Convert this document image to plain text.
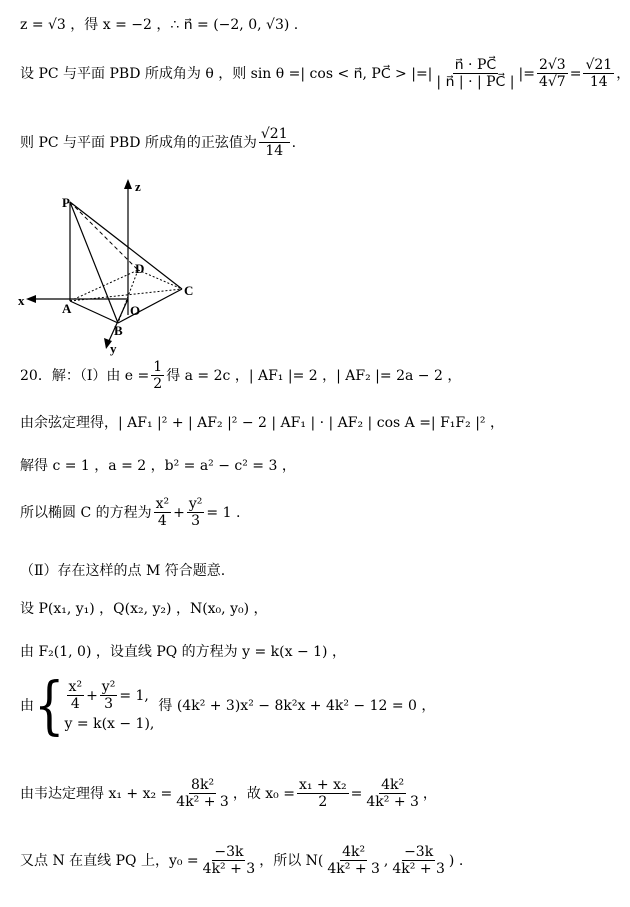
z = √3 ，得 x = −2 ，∴ n⃗ = (−2, 0, √3) .
设 PC 与平面 PBD 所成角为 θ ，则 sin θ =| cos < n⃗, PC⃗ > |=| $\frac{n⃗ \cdot PC⃗}{| n⃗ | \cdot | PC⃗ |}$ |= $\frac{2√3}{4√7} = \frac{√21}{14}$ ，
则 PC 与平面 PBD 所成角的正弦值为 $\frac{√21}{14}$ .
P
A
B
C
D
O
x
y
z
20．解：（Ⅰ）由 $e = \frac{1}{2}$ 得 a = 2c ，| AF₁ |= 2 ，| AF₂ |= 2a − 2 ，
由余弦定理得，| AF₁ |² + | AF₂ |² − 2 | AF₁ | · | AF₂ | cos A =| F₁F₂ |² ，
解得 c = 1 ，a = 2 ，b² = a² − c² = 3 ，
所以椭圆 C 的方程为 $\frac{\text{x²}}{4} + \frac{\text{y²}}{3} = 1$ .
（Ⅱ）存在这样的点 M 符合题意.
设 P(x₁, y₁) ，Q(x₂, y₂) ，N(x₀, y₀) ，
由 F₂(1, 0) ，设直线 PQ 的方程为 y = k(x − 1) ，
由 { $\frac{\text{x²}}{4} + \frac{\text{y²}}{3} = 1$,
y = k(x − 1),
得 (4k² + 3)x² − 8k²x + 4k² − 12 = 0 ，
由韦达定理得 $x_1 + x_2 = \frac{\text{8k²}}{\text{4k² + 3}}$ ，故 $x_0 = \frac{\text{x₁ + x₂}}{2} = \frac{\text{4k²}}{\text{4k² + 3}}$ ，
又点 N 在直线 PQ 上，$y_0 = \frac{-3k}{\text{4k² + 3}}$ ，所以 $N( \frac{\text{4k²}}{\text{4k² + 3}}$ , $\frac{-3k}{\text{4k² + 3}}$ ) .
